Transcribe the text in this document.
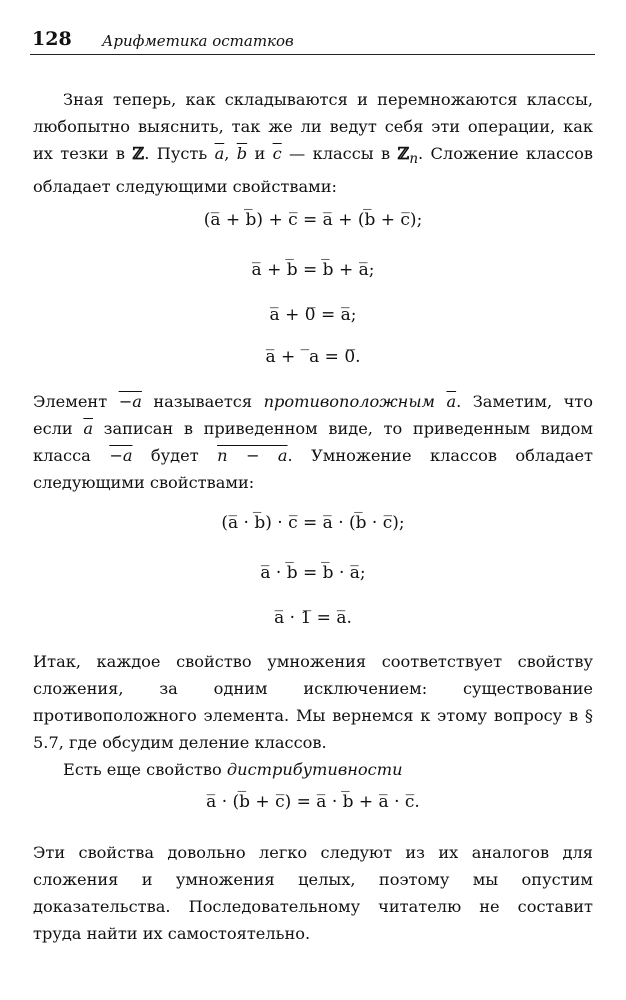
128 Арифметика остатков

Зная теперь, как складываются и перемножаются классы, любопытно выяснить, так же ли ведут себя эти операции, как их тезки в ℤ. Пусть $\overline{a}$, $\overline{b}$ и $\overline{c}$ — классы в ℤ$_n$. Сложение классов обладает следующими свойствами:

(a̅ + b̅) + c̅ = a̅ + (b̅ + c̅);
a̅ + b̅ = b̅ + a̅;
a̅ + 0̅ = a̅;
a̅ + ‾a = 0̅.

Элемент −a называется противоположным $\overline{a}$. Заметим, что если $\overline{a}$ записан в приведенном виде, то приведенным видом класса −a будет n − a. Умножение классов обладает следующими свойствами:

(a̅ · b̅) · c̅ = a̅ · (b̅ · c̅);
a̅ · b̅ = b̅ · a̅;
a̅ · 1̅ = a̅.

Итак, каждое свойство умножения соответствует свойству сложения, за одним исключением: существование противоположного элемента. Мы вернемся к этому вопросу в § 5.7, где обсудим деление классов.

Есть еще свойство дистрибутивности

a̅ · (b̅ + c̅) = a̅ · b̅ + a̅ · c̅.

Эти свойства довольно легко следуют из их аналогов для сложения и умножения целых, поэтому мы опустим доказательства. Последовательному читателю не составит труда найти их самостоятельно.
